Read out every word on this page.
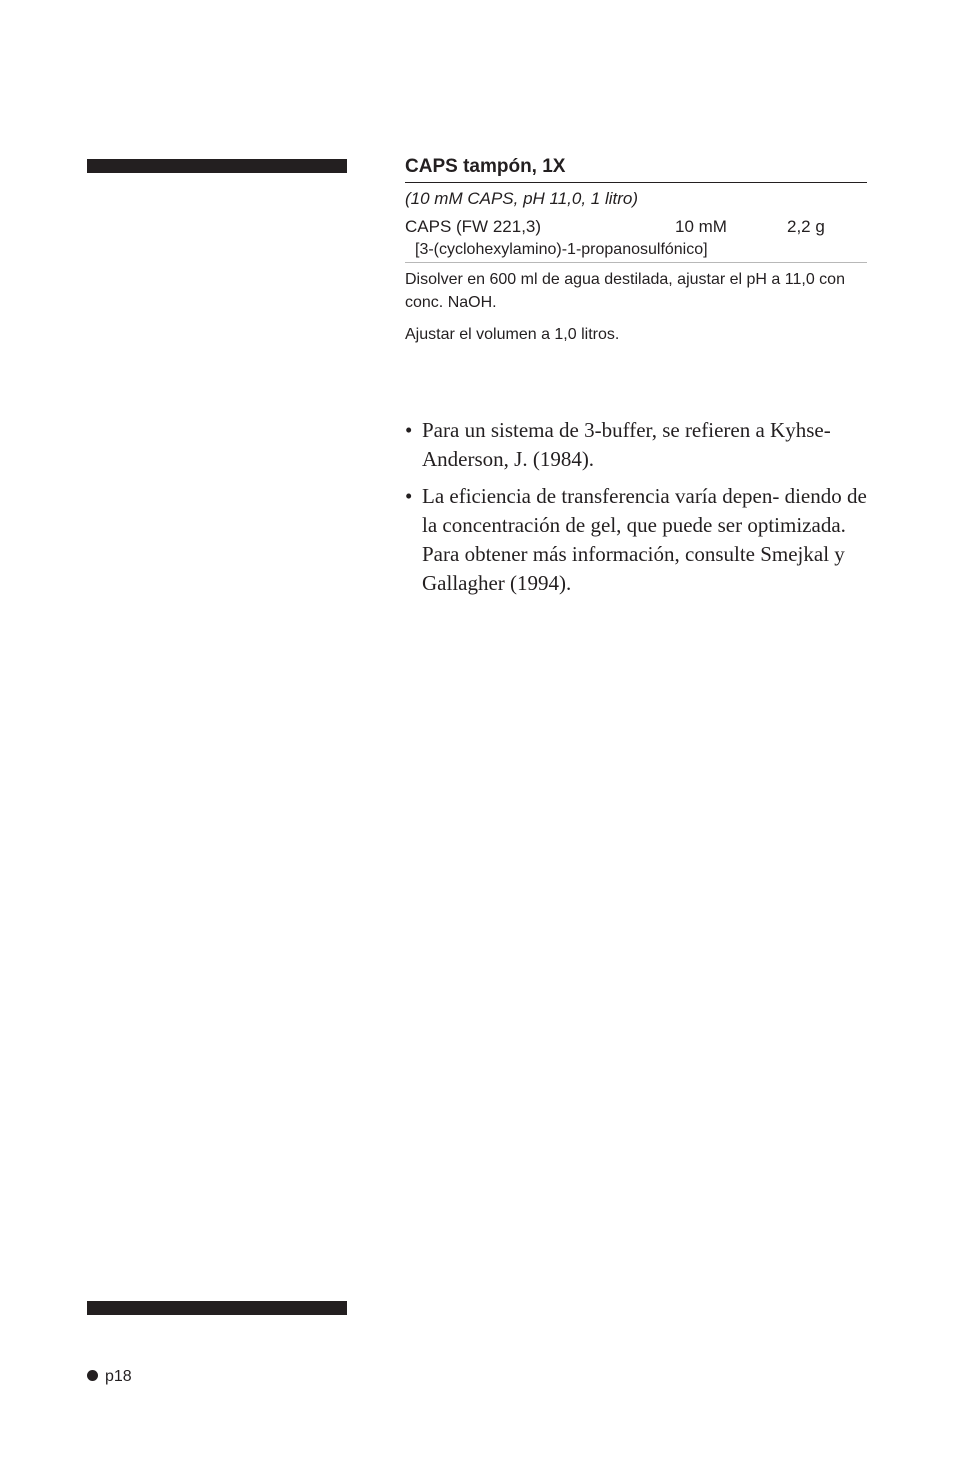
CAPS tampón, 1X
(10 mM CAPS, pH 11,0, 1 litro)
CAPS (FW 221,3)	10 mM	2,2 g
[3-(cyclohexylamino)-1-propanosulfónico]
Disolver en 600 ml de agua destilada, ajustar el pH a 11,0 con conc. NaOH.
Ajustar el volumen a 1,0 litros.
• Para un sistema de 3-buffer, se refieren a Kyhse-Anderson, J. (1984).
• La eficiencia de transferencia varía depen- diendo de la concentración de gel, que puede ser optimizada. Para obtener más información, consulte Smejkal y Gallagher (1994).
p18
